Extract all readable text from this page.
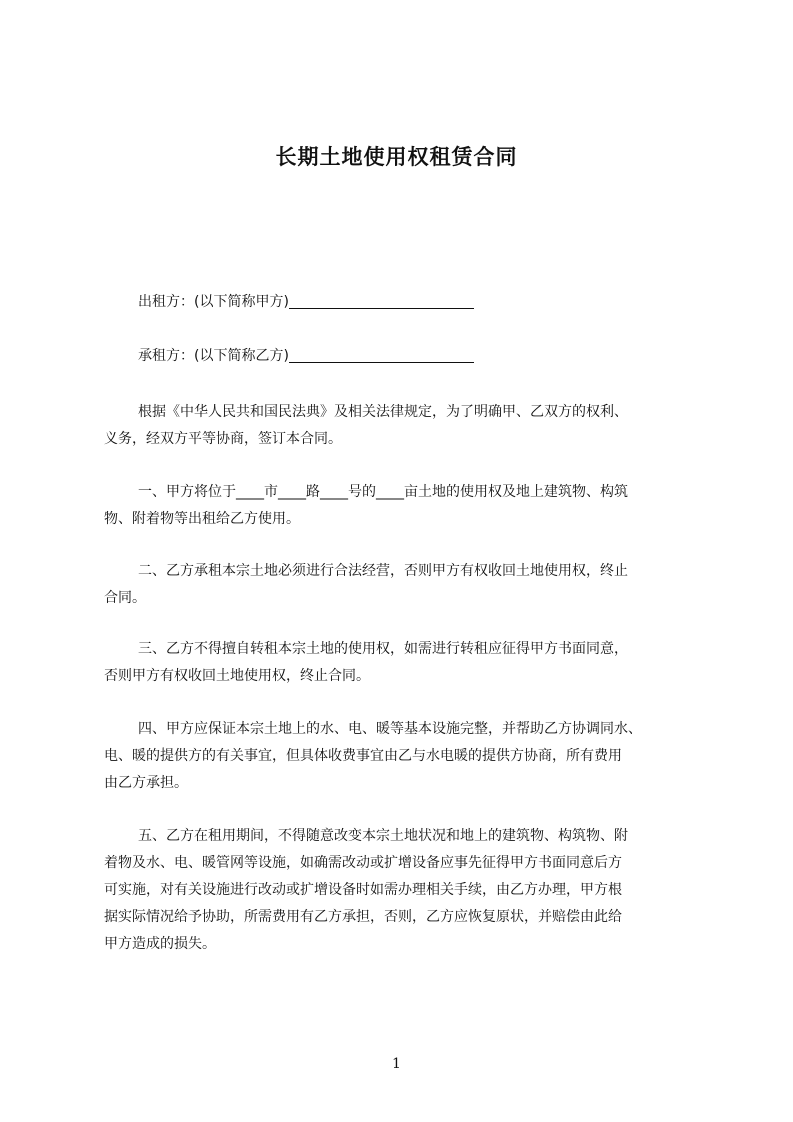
长期土地使用权租赁合同
出租方：(以下简称甲方)
承租方：(以下简称乙方)
根据《中华人民共和国民法典》及相关法律规定，为了明确甲、乙双方的权利、
义务，经双方平等协商，签订本合同。
一、甲方将位于____市____路____号的____亩土地的使用权及地上建筑物、构筑
物、附着物等出租给乙方使用。
二、乙方承租本宗土地必须进行合法经营，否则甲方有权收回土地使用权，终止
合同。
三、乙方不得擅自转租本宗土地的使用权，如需进行转租应征得甲方书面同意，
否则甲方有权收回土地使用权，终止合同。
四、甲方应保证本宗土地上的水、电、暖等基本设施完整，并帮助乙方协调同水、
电、暖的提供方的有关事宜，但具体收费事宜由乙与水电暖的提供方协商，所有费用
由乙方承担。
五、乙方在租用期间，不得随意改变本宗土地状况和地上的建筑物、构筑物、附
着物及水、电、暖管网等设施，如确需改动或扩增设备应事先征得甲方书面同意后方
可实施，对有关设施进行改动或扩增设备时如需办理相关手续，由乙方办理，甲方根
据实际情况给予协助，所需费用有乙方承担，否则，乙方应恢复原状，并赔偿由此给
甲方造成的损失。
1
